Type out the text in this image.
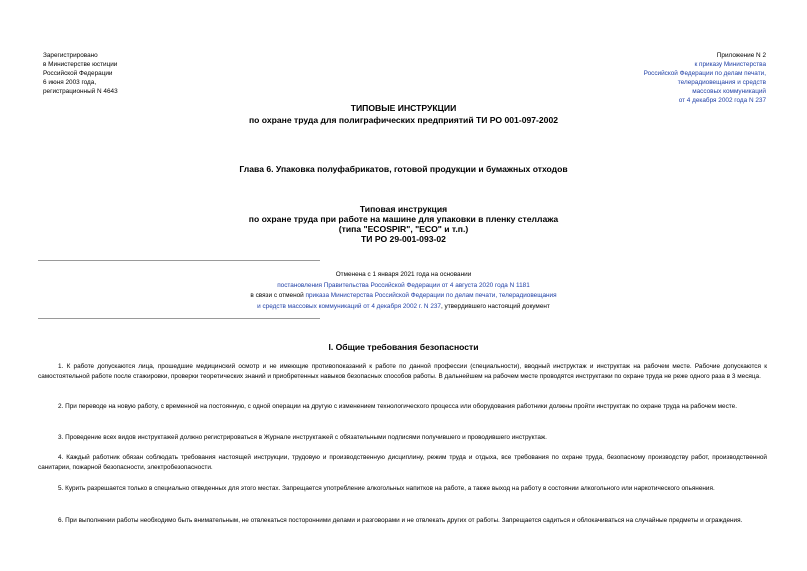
Зарегистрировано
в Министерстве юстиции
Российской Федерации
6 июня 2003 года,
регистрационный N 4643
Приложение N 2
к приказу Министерства
Российской Федерации по делам печати,
телерадиовещания и средств
массовых коммуникаций
от 4 декабря 2002 года N 237
ТИПОВЫЕ ИНСТРУКЦИИ
по охране труда для полиграфических предприятий ТИ РО 001-097-2002
Глава 6. Упаковка полуфабрикатов, готовой продукции и бумажных отходов
Типовая инструкция
по охране труда при работе на машине для упаковки в пленку стеллажа
(типа "ECOSPIR", "ECO" и т.п.)
ТИ РО 29-001-093-02
Отменена с 1 января 2021 года на основании
постановления Правительства Российской Федерации от 4 августа 2020 года N 1181
в связи с отменой приказа Министерства Российской Федерации по делам печати, телерадиовещания
и средств массовых коммуникаций от 4 декабря 2002 г. N 237, утвердившего настоящий документ
I. Общие требования безопасности
1. К работе допускаются лица, прошедшие медицинский осмотр и не имеющие противопоказаний к работе по данной профессии (специальности), вводный инструктаж и инструктаж на рабочем месте. Рабочие допускаются к самостоятельной работе после стажировки, проверки теоретических знаний и приобретенных навыков безопасных способов работы. В дальнейшем на рабочем месте проводятся инструктажи по охране труда не реже одного раза в 3 месяца.
2. При переводе на новую работу, с временной на постоянную, с одной операции на другую с изменением технологического процесса или оборудования работники должны пройти инструктаж по охране труда на рабочем месте.
3. Проведение всех видов инструктажей должно регистрироваться в Журнале инструктажей с обязательными подписями получившего и проводившего инструктаж.
4. Каждый работник обязан соблюдать требования настоящей инструкции, трудовую и производственную дисциплину, режим труда и отдыха, все требования по охране труда, безопасному производству работ, производственной санитарии, пожарной безопасности, электробезопасности.
5. Курить разрешается только в специально отведенных для этого местах. Запрещается употребление алкогольных напитков на работе, а также выход на работу в состоянии алкогольного или наркотического опьянения.
6. При выполнении работы необходимо быть внимательным, не отвлекаться посторонними делами и разговорами и не отвлекать других от работы. Запрещается садиться и облокачиваться на случайные предметы и ограждения.
